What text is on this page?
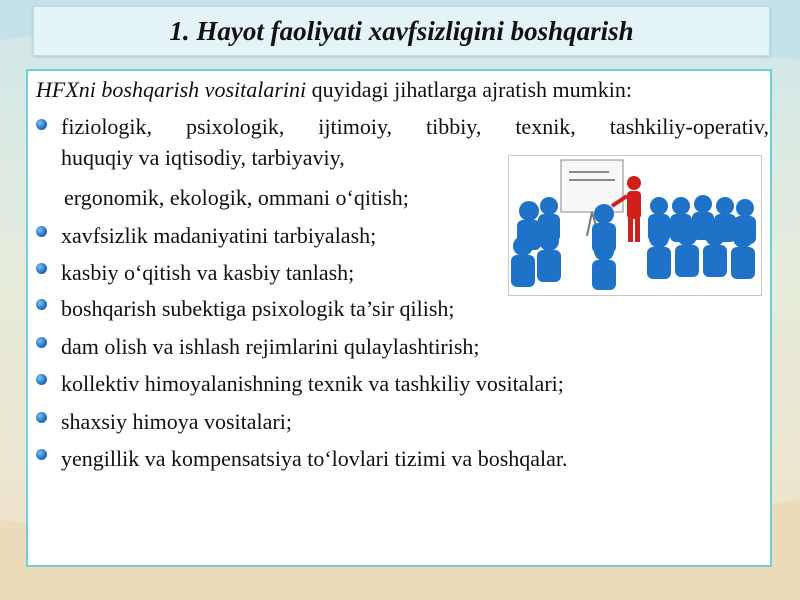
1. Hayot faoliyati xavfsizligini boshqarish
HFXni boshqarish vositalarini quyidagi jihatlarga ajratish mumkin:
fiziologik, psixologik, ijtimoiy, tibbiy, texnik, tashkiliy-operativ,
huquqiy va iqtisodiy, tarbiyaviy,
ergonomik, ekologik, ommani o‘qitish;
xavfsizlik madaniyatini tarbiyalash;
kasbiy o‘qitish va kasbiy tanlash;
boshqarish subektiga psixologik ta’sir qilish;
dam olish va ishlash rejimlarini qulaylashtirish;
kollektiv himoyalanishning texnik va tashkiliy vositalari;
shaxsiy himoya vositalari;
yengillik va kompensatsiya to‘lovlari tizimi va boshqalar.
